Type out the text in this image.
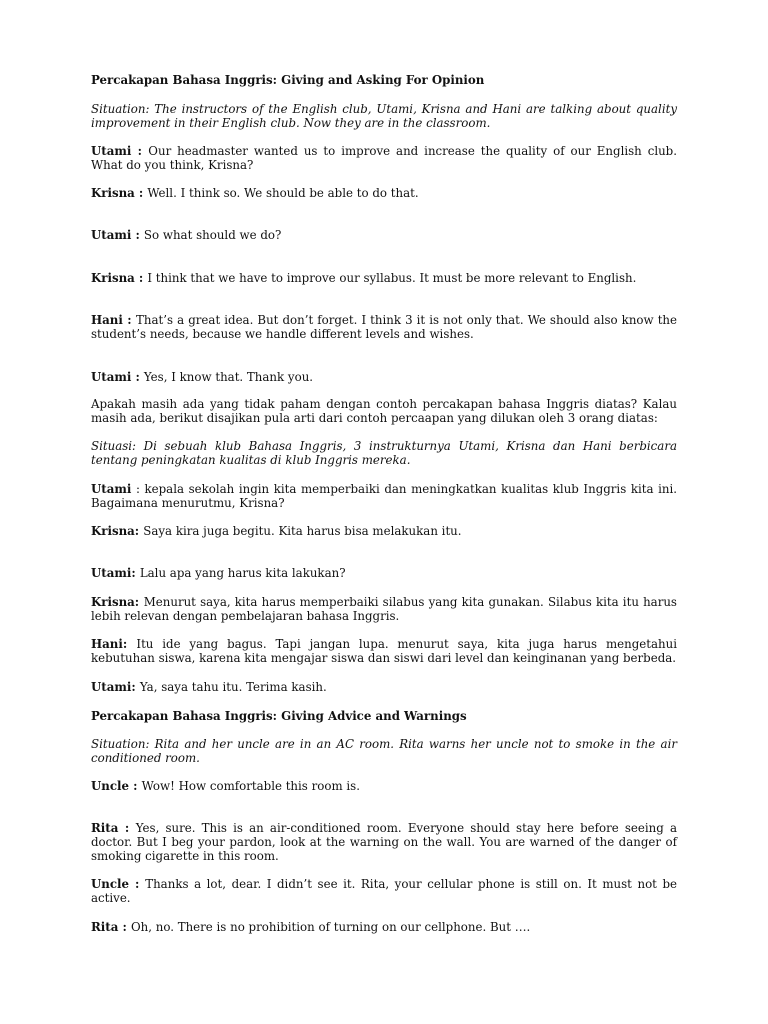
Percakapan Bahasa Inggris: Giving and Asking For Opinion

Situation: The instructors of the English club, Utami, Krisna and Hani are talking about quality improvement in their English club. Now they are in the classroom.

Utami : Our headmaster wanted us to improve and increase the quality of our English club. What do you think, Krisna?

Krisna : Well. I think so. We should be able to do that.

Utami : So what should we do?

Krisna : I think that we have to improve our syllabus. It must be more relevant to English.

Hani : That’s a great idea. But don’t forget. I think 3 it is not only that. We should also know the student’s needs, because we handle different levels and wishes.

Utami : Yes, I know that. Thank you.

Apakah masih ada yang tidak paham dengan contoh percakapan bahasa Inggris diatas? Kalau masih ada, berikut disajikan pula arti dari contoh percaapan yang dilukan oleh 3 orang diatas:

Situasi: Di sebuah klub Bahasa Inggris, 3 instrukturnya Utami, Krisna dan Hani berbicara tentang peningkatan kualitas di klub Inggris mereka.

Utami : kepala sekolah ingin kita memperbaiki dan meningkatkan kualitas klub Inggris kita ini. Bagaimana menurutmu, Krisna?

Krisna: Saya kira juga begitu. Kita harus bisa melakukan itu.

Utami: Lalu apa yang harus kita lakukan?

Krisna: Menurut saya, kita harus memperbaiki silabus yang kita gunakan. Silabus kita itu harus lebih relevan dengan pembelajaran bahasa Inggris.

Hani: Itu ide yang bagus. Tapi jangan lupa. menurut saya, kita juga harus mengetahui kebutuhan siswa, karena kita mengajar siswa dan siswi dari level dan keinginanan yang berbeda.

Utami: Ya, saya tahu itu. Terima kasih.

Percakapan Bahasa Inggris: Giving Advice and Warnings

Situation: Rita and her uncle are in an AC room. Rita warns her uncle not to smoke in the air conditioned room.

Uncle : Wow! How comfortable this room is.

Rita : Yes, sure. This is an air-conditioned room. Everyone should stay here before seeing a doctor. But I beg your pardon, look at the warning on the wall. You are warned of the danger of smoking cigarette in this room.

Uncle : Thanks a lot, dear. I didn’t see it. Rita, your cellular phone is still on. It must not be active.

Rita : Oh, no. There is no prohibition of turning on our cellphone. But ….
